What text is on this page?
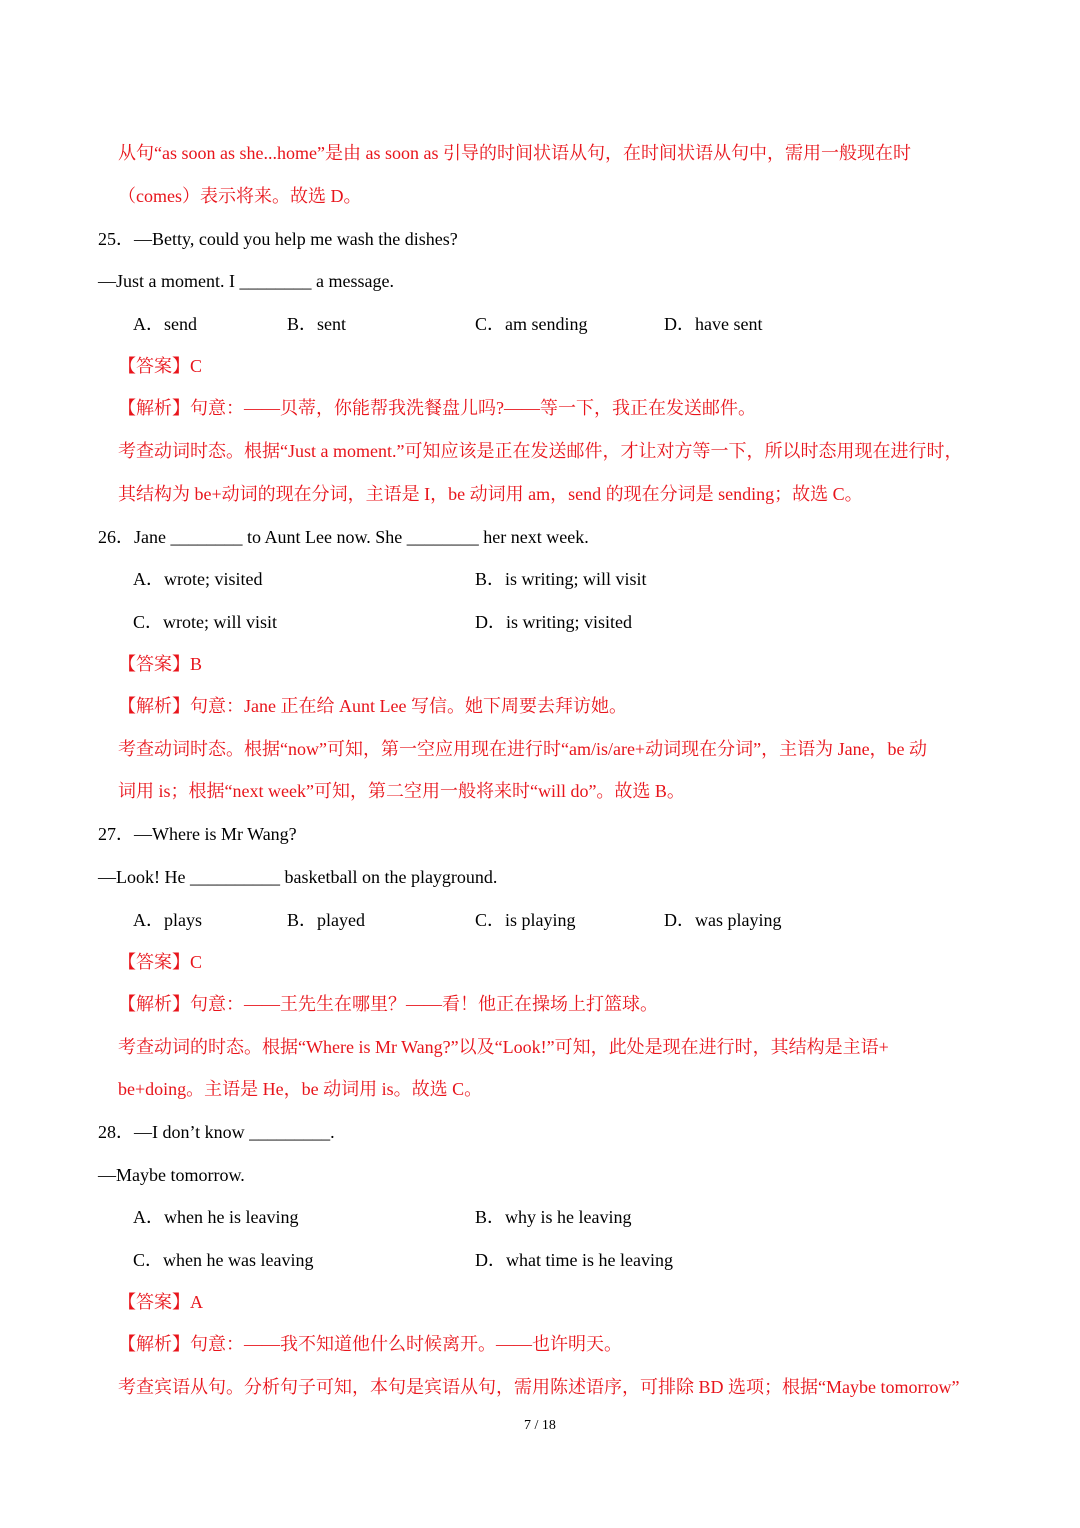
从句“as soon as she...home”是由 as soon as 引导的时间状语从句，在时间状语从句中，需用一般现在时
（comes）表示将来。故选 D。
25．—Betty, could you help me wash the dishes?
—Just a moment. I ________ a message.
A．send	B．sent	C．am sending	D．have sent
【答案】C
【解析】句意：——贝蒂，你能帮我洗餐盘儿吗?——等一下，我正在发送邮件。
考查动词时态。根据“Just a moment.”可知应该是正在发送邮件，才让对方等一下，所以时态用现在进行时，
其结构为 be+动词的现在分词，主语是 I，be 动词用 am，send 的现在分词是 sending；故选 C。
26．Jane ________ to Aunt Lee now. She ________ her next week.
A．wrote; visited	B．is writing; will visit
C．wrote; will visit	D．is writing; visited
【答案】B
【解析】句意：Jane 正在给 Aunt Lee 写信。她下周要去拜访她。
考查动词时态。根据“now”可知，第一空应用现在进行时“am/is/are+动词现在分词”，主语为 Jane，be 动
词用 is；根据“next week”可知，第二空用一般将来时“will do”。故选 B。
27．—Where is Mr Wang?
—Look! He __________ basketball on the playground.
A．plays	B．played	C．is playing	D．was playing
【答案】C
【解析】句意：——王先生在哪里？——看！他正在操场上打篮球。
考查动词的时态。根据“Where is Mr Wang?”以及“Look!”可知，此处是现在进行时，其结构是主语+
be+doing。主语是 He，be 动词用 is。故选 C。
28．—I don’t know _________.
—Maybe tomorrow.
A．when he is leaving	B．why is he leaving
C．when he was leaving	D．what time is he leaving
【答案】A
【解析】句意：——我不知道他什么时候离开。——也许明天。
考查宾语从句。分析句子可知，本句是宾语从句，需用陈述语序，可排除 BD 选项；根据“Maybe tomorrow”
7 / 18
